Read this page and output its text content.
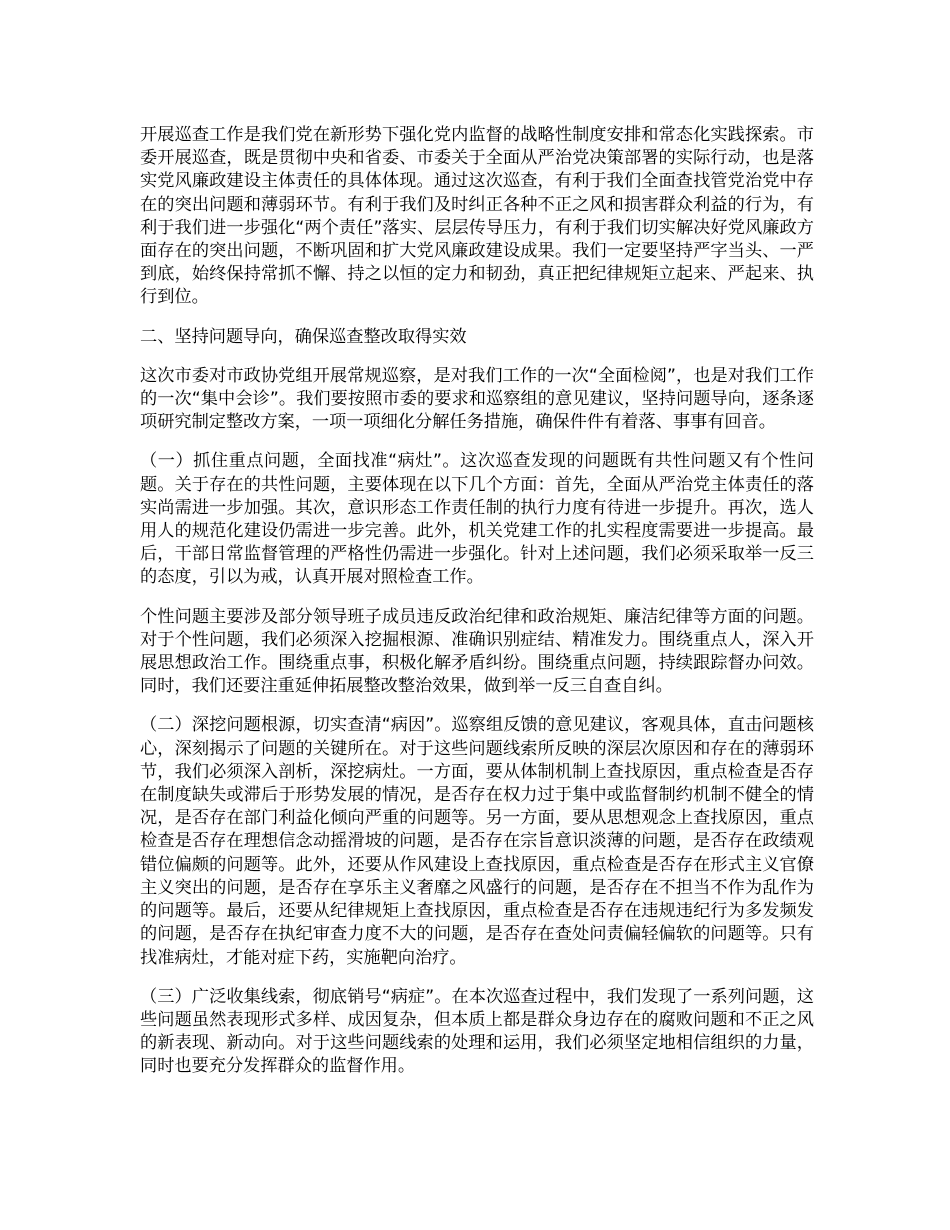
开展巡查工作是我们党在新形势下强化党内监督的战略性制度安排和常态化实践探索。市委开展巡查，既是贯彻中央和省委、市委关于全面从严治党决策部署的实际行动，也是落实党风廉政建设主体责任的具体体现。通过这次巡查，有利于我们全面查找管党治党中存在的突出问题和薄弱环节。有利于我们及时纠正各种不正之风和损害群众利益的行为，有利于我们进一步强化“两个责任”落实、层层传导压力，有利于我们切实解决好党风廉政方面存在的突出问题，不断巩固和扩大党风廉政建设成果。我们一定要坚持严字当头、一严到底，始终保持常抓不懈、持之以恒的定力和韧劲，真正把纪律规矩立起来、严起来、执行到位。

二、坚持问题导向，确保巡查整改取得实效

这次市委对市政协党组开展常规巡察，是对我们工作的一次“全面检阅”，也是对我们工作的一次“集中会诊”。我们要按照市委的要求和巡察组的意见建议，坚持问题导向，逐条逐项研究制定整改方案，一项一项细化分解任务措施，确保件件有着落、事事有回音。

（一）抓住重点问题，全面找准“病灶”。这次巡查发现的问题既有共性问题又有个性问题。关于存在的共性问题，主要体现在以下几个方面：首先，全面从严治党主体责任的落实尚需进一步加强。其次，意识形态工作责任制的执行力度有待进一步提升。再次，选人用人的规范化建设仍需进一步完善。此外，机关党建工作的扎实程度需要进一步提高。最后，干部日常监督管理的严格性仍需进一步强化。针对上述问题，我们必须采取举一反三的态度，引以为戒，认真开展对照检查工作。

个性问题主要涉及部分领导班子成员违反政治纪律和政治规矩、廉洁纪律等方面的问题。对于个性问题，我们必须深入挖掘根源、准确识别症结、精准发力。围绕重点人，深入开展思想政治工作。围绕重点事，积极化解矛盾纠纷。围绕重点问题，持续跟踪督办问效。同时，我们还要注重延伸拓展整改整治效果，做到举一反三自查自纠。

（二）深挖问题根源，切实查清“病因”。巡察组反馈的意见建议，客观具体，直击问题核心，深刻揭示了问题的关键所在。对于这些问题线索所反映的深层次原因和存在的薄弱环节，我们必须深入剖析，深挖病灶。一方面，要从体制机制上查找原因，重点检查是否存在制度缺失或滞后于形势发展的情况，是否存在权力过于集中或监督制约机制不健全的情况，是否存在部门利益化倾向严重的问题等。另一方面，要从思想观念上查找原因，重点检查是否存在理想信念动摇滑坡的问题，是否存在宗旨意识淡薄的问题，是否存在政绩观错位偏颇的问题等。此外，还要从作风建设上查找原因，重点检查是否存在形式主义官僚主义突出的问题，是否存在享乐主义奢靡之风盛行的问题，是否存在不担当不作为乱作为的问题等。最后，还要从纪律规矩上查找原因，重点检查是否存在违规违纪行为多发频发的问题，是否存在执纪审查力度不大的问题，是否存在查处问责偏轻偏软的问题等。只有找准病灶，才能对症下药，实施靶向治疗。

（三）广泛收集线索，彻底销号“病症”。在本次巡查过程中，我们发现了一系列问题，这些问题虽然表现形式多样、成因复杂，但本质上都是群众身边存在的腐败问题和不正之风的新表现、新动向。对于这些问题线索的处理和运用，我们必须坚定地相信组织的力量，同时也要充分发挥群众的监督作用。
